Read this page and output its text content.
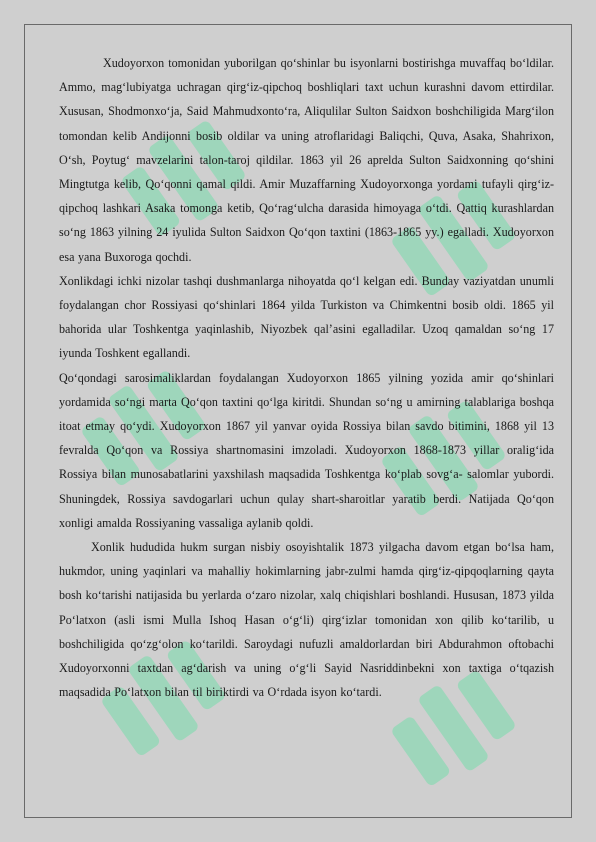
Xudoyorxon tomonidan yuborilgan qo‘shinlar bu isyonlarni bostirishga muvaffaq bo‘ldilar. Ammo, mag‘lubiyatga uchragan qirg‘iz-qipchoq boshliqlari taxt uchun kurashni davom ettirdilar. Xususan, Shodmonxo‘ja, Said Mahmudxonto‘ra, Aliqulilar Sulton Saidxon boshchiligida Marg‘ilon tomondan kelib Andijonni bosib oldilar va uning atroflaridagi Baliqchi, Quva, Asaka, Shahrixon, O‘sh, Poytug‘ mavzelarini talon-taroj qildilar. 1863 yil 26 aprelda Sulton Saidxonning qo‘shini Mingtutga kelib, Qo‘qonni qamal qildi. Amir Muzaffarning Xudoyorxonga yordami tufayli qirg‘iz-qipchoq lashkari Asaka tomonga ketib, Qo‘rag‘ulcha darasida himoyaga o‘tdi. Qattiq kurashlardan so‘ng 1863 yilning 24 iyulida Sulton Saidxon Qo‘qon taxtini (1863-1865 yy.) egalladi. Xudoyorxon esa yana Buxoroga qochdi.

Xonlikdagi ichki nizolar tashqi dushmanlarga nihoyatda qo‘l kelgan edi. Bunday vaziyatdan unumli foydalangan chor Rossiyasi qo‘shinlari 1864 yilda Turkiston va Chimkentni bosib oldi. 1865 yil bahorida ular Toshkentga yaqinlashib, Niyozbek qal’asini egalladilar. Uzoq qamaldan so‘ng 17 iyunda Toshkent egallandi.

Qo‘qondagi sarosimaliklardan foydalangan Xudoyorxon 1865 yilning yozida amir qo‘shinlari yordamida so‘ngi marta Qo‘qon taxtini qo‘lga kiritdi. Shundan so‘ng u amirning talablariga boshqa itoat etmay qo‘ydi. Xudoyorxon 1867 yil yanvar oyida Rossiya bilan savdo bitimini, 1868 yil 13 fevralda Qo‘qon va Rossiya shartnomasini imzoladi. Xudoyorxon 1868-1873 yillar oralig‘ida Rossiya bilan munosabatlarini yaxshilash maqsadida Toshkentga ko‘plab sovg‘a- salomlar yubordi. Shuningdek, Rossiya savdogarlari uchun qulay shart-sharoitlar yaratib berdi. Natijada Qo‘qon xonligi amalda Rossiyaning vassaliga aylanib qoldi.

Xonlik hududida hukm surgan nisbiy osoyishtalik 1873 yilgacha davom etgan bo‘lsa ham, hukmdor, uning yaqinlari va mahalliy hokimlarning jabr-zulmi hamda qirg‘iz-qipqoqlarning qayta bosh ko‘tarishi natijasida bu yerlarda o‘zaro nizolar, xalq chiqishlari boshlandi. Hususan, 1873 yilda Po‘latxon (asli ismi Mulla Ishoq Hasan o‘g‘li) qirg‘izlar tomonidan xon qilib ko‘tarilib, u boshchiligida qo‘zg‘olon ko‘tarildi. Saroydagi nufuzli amaldorlardan biri Abdurahmon oftobachi Xudoyorxonni taxtdan ag‘darish va uning o‘g‘li Sayid Nasriddinbekni xon taxtiga o‘tqazish maqsadida Po‘latxon bilan til biriktirdi va O‘rdada isyon ko‘tardi.
